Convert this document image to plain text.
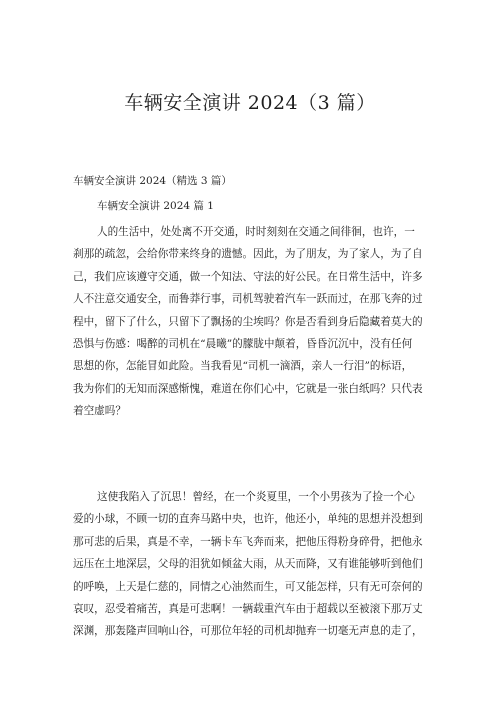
车辆安全演讲 2024（3 篇）
车辆安全演讲 2024（精选 3 篇）
车辆安全演讲 2024 篇 1
人的生活中，处处离不开交通，时时刻刻在交通之间徘徊，也许，一
刹那的疏忽，会给你带来终身的遗憾。因此，为了朋友，为了家人，为了自
己，我们应该遵守交通，做一个知法、守法的好公民。在日常生活中，许多
人不注意交通安全，而鲁莽行事，司机驾驶着汽车一跃而过，在那飞奔的过
程中，留下了什么，只留下了飘扬的尘埃吗？你是否看到身后隐藏着莫大的
恐惧与伤感：喝醉的司机在“晨曦”的朦胧中颠着，昏昏沉沉中，没有任何
思想的你，怎能冒如此险。当我看见“司机一滴酒，亲人一行泪”的标语，
我为你们的无知而深感惭愧，难道在你们心中，它就是一张白纸吗？只代表
着空虚吗？
这使我陷入了沉思！曾经，在一个炎夏里，一个小男孩为了捡一个心
爱的小球，不顾一切的直奔马路中央，也许，他还小，单纯的思想并没想到
那可悲的后果，真是不幸，一辆卡车飞奔而来，把他压得粉身碎骨，把他永
远压在土地深层，父母的泪犹如倾盆大雨，从天而降，又有谁能够听到他们
的呼唤，上天是仁慈的，同情之心油然而生，可又能怎样，只有无可奈何的
哀叹，忍受着痛苦，真是可悲啊！一辆载重汽车由于超载以至被滚下那万丈
深渊，那轰隆声回响山谷，可那位年轻的司机却抛弃一切毫无声息的走了，
